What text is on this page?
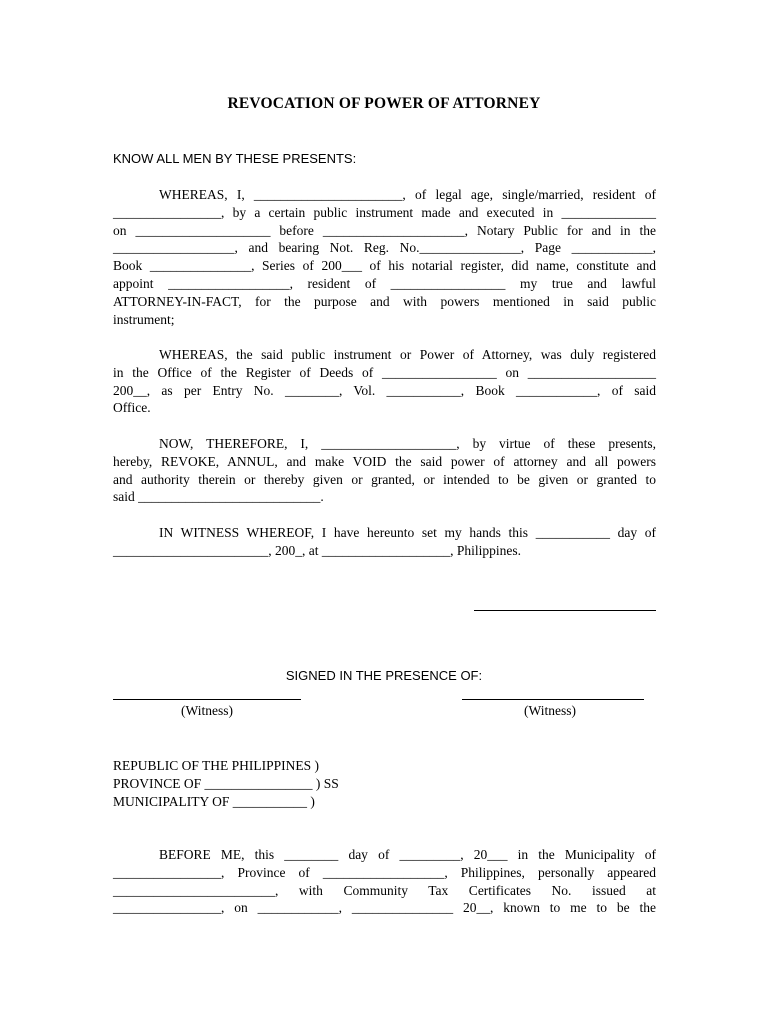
REVOCATION OF POWER OF ATTORNEY

KNOW ALL MEN BY THESE PRESENTS:

WHEREAS, I, ______________________, of legal age, single/married, resident of
________________, by a certain public instrument made and executed in ______________
on ____________________ before _____________________, Notary Public for and in the
__________________, and bearing Not. Reg. No._______________, Page ____________,
Book _______________, Series of 200___ of his notarial register, did name, constitute and
appoint __________________, resident of _________________ my true and lawful
ATTORNEY-IN-FACT, for the purpose and with powers mentioned in said public
instrument;
WHEREAS, the said public instrument or Power of Attorney, was duly registered
in the Office of the Register of Deeds of _________________ on ___________________
200__, as per Entry No. ________, Vol. ___________, Book ____________, of said
Office.
NOW, THEREFORE, I, ____________________, by virtue of these presents,
hereby, REVOKE, ANNUL, and make VOID the said power of attorney and all powers
and authority therein or thereby given or granted, or intended to be given or granted to
said ___________________________.
IN WITNESS WHEREOF, I have hereunto set my hands this ___________ day of
_______________________, 200_, at ___________________, Philippines.

SIGNED IN THE PRESENCE OF:

(Witness)	(Witness)

REPUBLIC OF THE PHILIPPINES )
PROVINCE OF ________________ ) SS
MUNICIPALITY OF ___________ )
BEFORE ME, this ________ day of _________, 20___ in the Municipality of
________________, Province of __________________, Philippines, personally appeared
________________________, with Community Tax Certificates No. issued at
________________, on ____________, _______________ 20__, known to me to be the
